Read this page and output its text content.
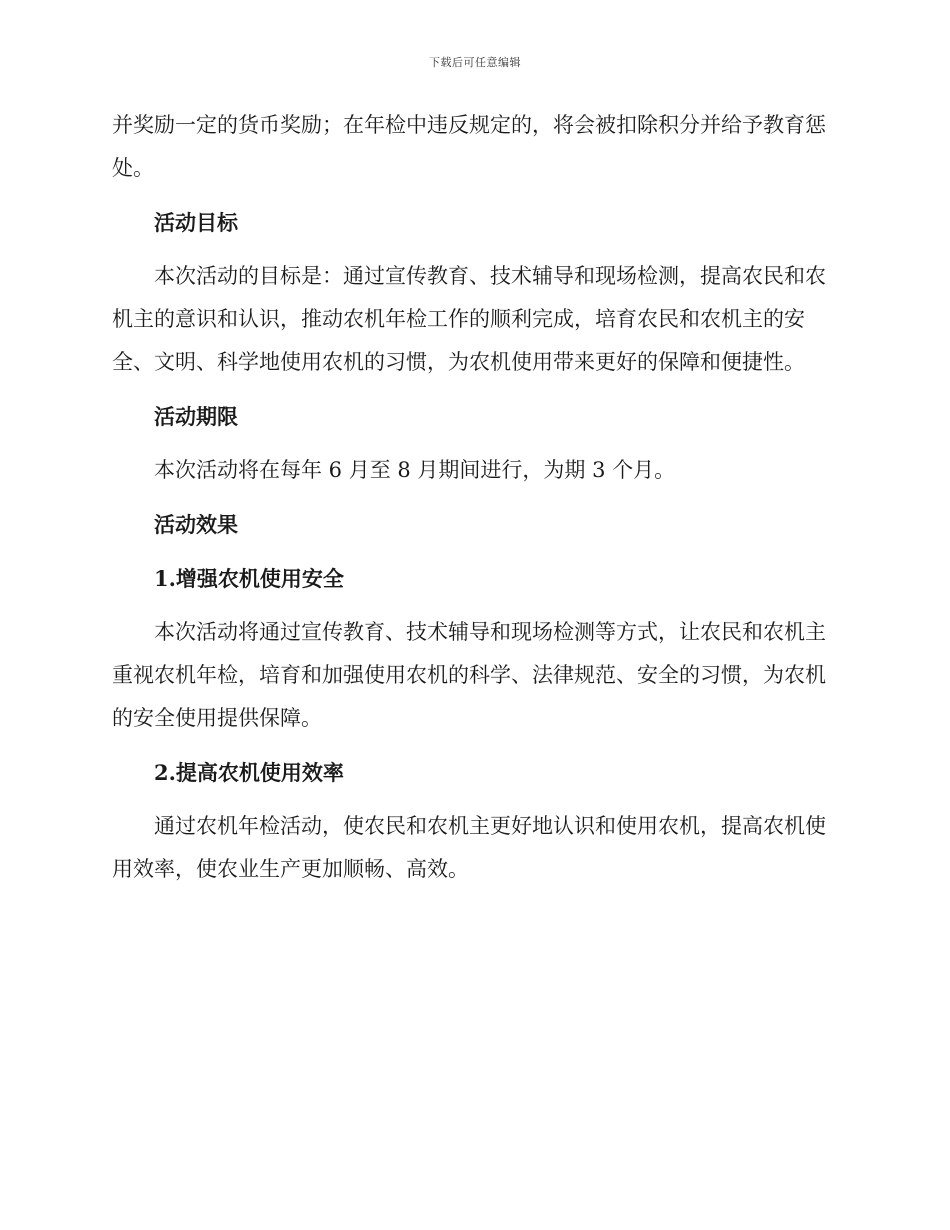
下载后可任意编辑

并奖励一定的货币奖励；在年检中违反规定的，将会被扣除积分并给予教育惩处。

活动目标

本次活动的目标是：通过宣传教育、技术辅导和现场检测，提高农民和农机主的意识和认识，推动农机年检工作的顺利完成，培育农民和农机主的安全、文明、科学地使用农机的习惯，为农机使用带来更好的保障和便捷性。

活动期限

本次活动将在每年 6 月至 8 月期间进行，为期 3 个月。

活动效果
1.增强农机使用安全

本次活动将通过宣传教育、技术辅导和现场检测等方式，让农民和农机主重视农机年检，培育和加强使用农机的科学、法律规范、安全的习惯，为农机的安全使用提供保障。

2.提高农机使用效率

通过农机年检活动，使农民和农机主更好地认识和使用农机，提高农机使用效率，使农业生产更加顺畅、高效。
